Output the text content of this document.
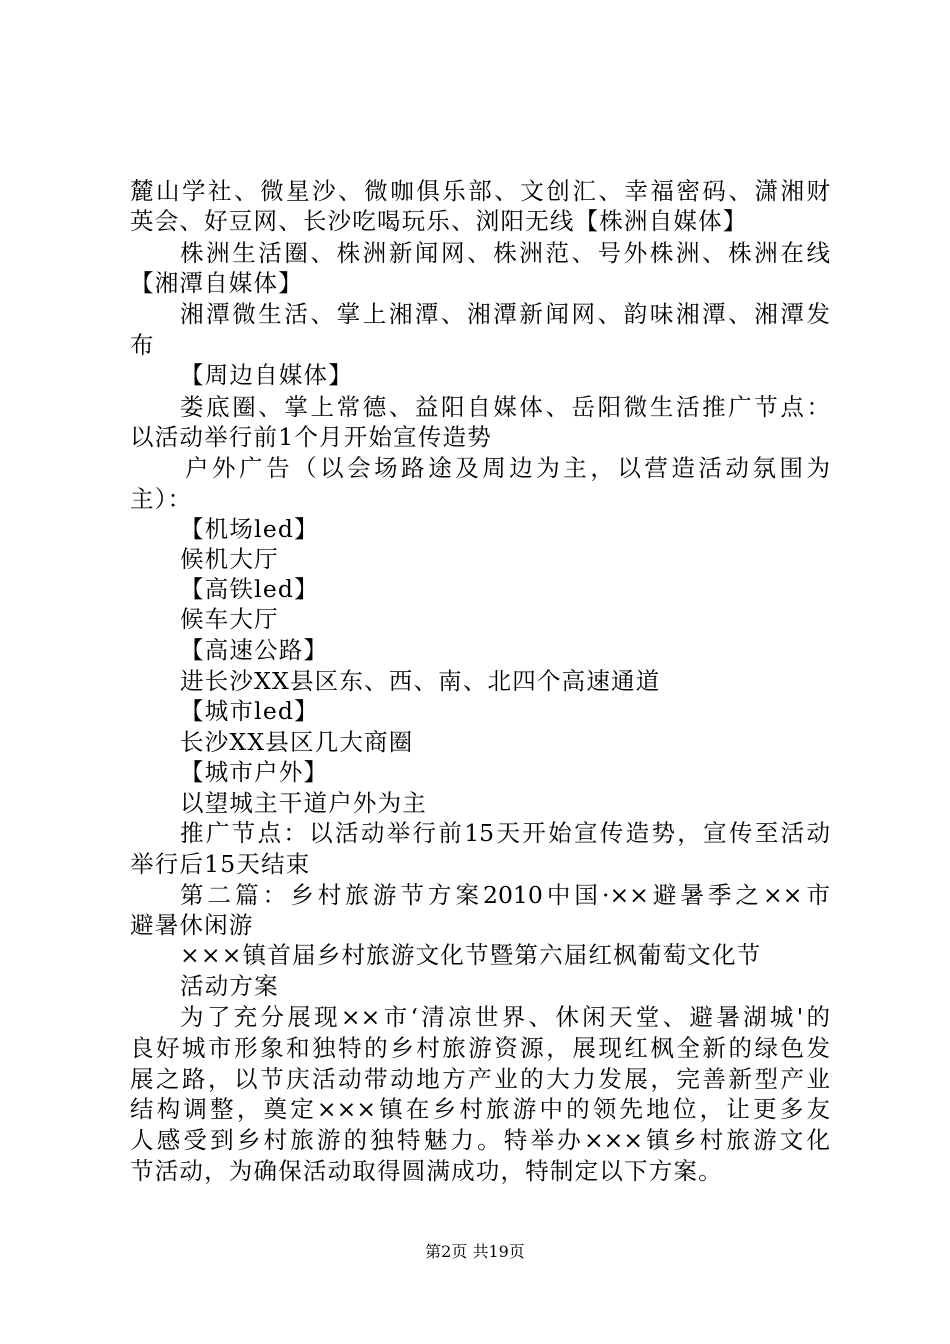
麓山学社、微星沙、微咖俱乐部、文创汇、幸福密码、潇湘财
英会、好豆网、长沙吃喝玩乐、浏阳无线【株洲自媒体】
株洲生活圈、株洲新闻网、株洲范、号外株洲、株洲在线
【湘潭自媒体】
湘潭微生活、掌上湘潭、湘潭新闻网、韵味湘潭、湘潭发
布
【周边自媒体】
娄底圈、掌上常德、益阳自媒体、岳阳微生活推广节点：
以活动举行前1个月开始宣传造势
户外广告（以会场路途及周边为主，以营造活动氛围为
主）：
【机场led】
候机大厅
【高铁led】
候车大厅
【高速公路】
进长沙XX县区东、西、南、北四个高速通道
【城市led】
长沙XX县区几大商圈
【城市户外】
以望城主干道户外为主
推广节点：以活动举行前15天开始宣传造势，宣传至活动
举行后15天结束
第二篇：乡村旅游节方案2010中国·××避暑季之××市
避暑休闲游
×××镇首届乡村旅游文化节暨第六届红枫葡萄文化节
活动方案
为了充分展现××市‘清凉世界、休闲天堂、避暑湖城'的
良好城市形象和独特的乡村旅游资源，展现红枫全新的绿色发
展之路，以节庆活动带动地方产业的大力发展，完善新型产业
结构调整，奠定×××镇在乡村旅游中的领先地位，让更多友
人感受到乡村旅游的独特魅力。特举办×××镇乡村旅游文化
节活动，为确保活动取得圆满成功，特制定以下方案。
第2页 共19页
